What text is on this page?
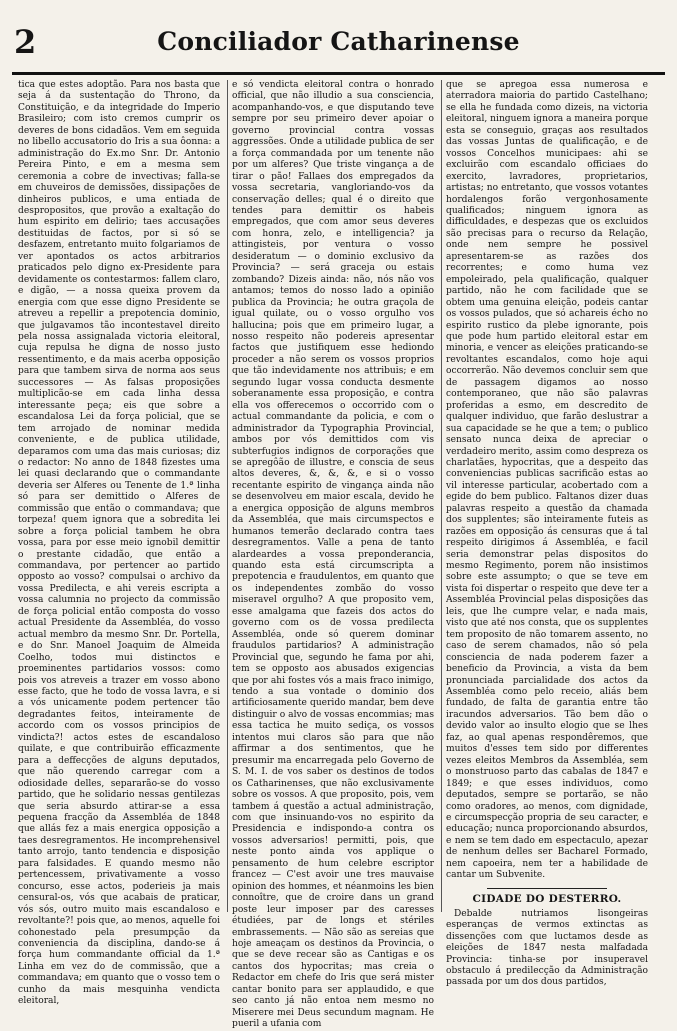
2	Conciliador Catharinense

tica que estes adoptão. Para nos basta que seja á da sustentação do Throno, da Constituição, e da integridade do Imperio Brasileiro; com isto cremos cumprir os deveres de bons cidadãos. Vem em seguida no libello accusatorio do Iris a sua ôonna: a administração do Ex.mo Snr. Dr. Antonio Pereira Pinto, e em a mesma sem ceremonia a cobre de invectivas; falla-se em chuveiros de demissões, dissipações de dinheiros publicos, e uma entiada de despropositos, que provão a exaltação do hum espirito em delirio; taes accusações destituidas de factos, por si só se desfazem, entretanto muito folgariamos de ver apontados os actos arbitrarios praticados pelo digno ex-Presidente para devidamente os contestarmos: fallem claro, e digão, — a nossa queixa provem da energia com que esse digno Presidente se atreveu a repellir a prepotencia dominio, que julgavamos tão incontestavel direito pela nossa assignalada victoria eleitoral, cuja repulsa he digna de nosso justo ressentimento, e da mais acerba opposição para que tambem sirva de norma aos seus successores — As falsas proposições multiplicão-se em cada linha dessa interessante peça; eis que sobre a escandalosa Lei da força policial, que se tem arrojado de nominar medida conveniente, e de publica utilidade, deparamos com uma das mais curiosas; diz o redactor: No anno de 1848 fizestes uma lei quasi declarando que o commandante deveria ser Alferes ou Tenente de 1.ª linha só para ser demittido o Alferes de commissão que então o commandava; que torpeza! quem ignora que a sobredita lei sobre a força policial tambem he obra vossa, para por esse meio ignobil demittir o prestante cidadão, que então a commandava, por pertencer ao partido opposto ao vosso? compulsai o archivo da vossa Predilecta, e ahi vereis escripta a vossa calumnia no projecto da commissão de força policial então composta do vosso actual Presidente da Assembléa, do vosso actual membro da mesmo Snr. Dr. Portella, e do Snr. Manoel Joaquim de Almeida Coelho, todos mui distinctos e proeminentes partidarios vossos: como pois vos atreveis a trazer em vosso abono esse facto, que he todo de vossa lavra, e si a vós unicamente podem pertencer tão degradantes feitos, inteiramente de accordo com os vossos principios de vindicta?! actos estes de escandaloso quilate, e que contribuirão efficazmente para a deffecções de alguns deputados, que não querendo carregar com a odiosidade delles, separarão-se do vosso partido, que he solidario nessas gentilezas que seria absurdo attirar-se a essa pequena fracção da Assembléa de 1848 que allás fez a mais energica opposição a taes desregramentos. He incomprehensivel tanto arrojo, tanto tendencia e disposição para falsidades. E quando mesmo não pertencessem, privativamente a vosso concurso, esse actos, poderieis ja mais censural-os, vós que acabais de praticar, vós sós, outro muito mais escandaloso e revoltante?! pois que, ao menos, aquelle foi cohonestado pela presumpção da conveniencia da disciplina, dando-se á força hum commandante official da 1.ª Linha em vez do de commissão, que a commandava; em quanto que o vosso tem o cunho da mais mesquinha vendicta eleitoral,

e só vendicta eleitoral contra o honrado official, que não illudio a sua consciencia, acompanhando-vos, e que disputando teve sempre por seu primeiro dever apoiar o governo provincial contra vossas aggressões. Onde a utilidade publica de ser a força commandada por um tenente não por um alferes? Que triste vingança a de tirar o pão! Fallaes dos empregados da vossa secretaria, vangloriando-vos da conservação delles; qual é o direito que tendes para demittir os habeis empregados, que com amor seus deveres com honra, zelo, e intelligencia? ja attingisteis, por ventura o vosso desideratum — o dominio exclusivo da Provincia? — será graceja ou estais zombando? Dizeis ainda: não, nós não vos antamos; temos do nosso lado a opinião publica da Provincia; he outra graçola de igual quilate, ou o vosso orgulho vos hallucina; pois que em primeiro lugar, a nosso respeito não podereis apresentar factos que justifiquem esse hediondo proceder a não serem os vossos proprios que tão indevidamente nos attribuis; e em segundo lugar vossa conducta desmente soberanamente essa proposição, e contra ella vos offerecemos o occorrido com o actual commandante da policia, e com o administrador da Typographia Provincial, ambos por vós demittidos com vis subterfugios indignos de corporações que se apregôão de illustre, e conscia de seus altos deveres, &, &, &, e si o vosso recentante espirito de vingança ainda não se desenvolveu em maior escala, devido he a energica opposição de alguns membros da Assembléa, que mais circumspectos e humanos temerão declarado contra taes desregramentos. Valle a pena de tanto alardeardes a vossa preponderancia, quando esta está circumscripta a prepotencia e fraudulentos, em quanto que os independentes zombão do vosso miseravel orgulho? A que proposito vem, esse amalgama que fazeis dos actos do governo com os de vossa predilecta Assembléa, onde só querem dominar fraudulos partidarios? A administração Provincial que, segundo he fama por ahi, tem se opposto aos abusados exigencias que por ahi fostes vós a mais fraco inimigo, tendo a sua vontade o dominio dos artificiosamente querido mandar, bem deve distinguir o alvo de vossas encommias; mas essa tactica he muito sediça, os vossos intentos mui claros são para que não affirmar a dos sentimentos, que he presumir ma encarregada pelo Governo de S. M. I. de vos saber os destinos de todos os Catharinenses, que não exclusivamente sobre os vossos. A que proposito, pois, vem tambem á questão a actual administração, com que insinuando-vos no espirito da Presidencia e indispondo-a contra os vossos adversarios! permitti, pois, que neste ponto ainda vos applique o pensamento de hum celebre escriptor francez — C'est avoir une tres mauvaise opinion des hommes, et néanmoins les bien connoître, que de croire dans un grand poste leur imposer par des caresses étudiées, par de longs et stériles embrassements. — Não são as sereias que hoje ameaçam os destinos da Provincia, o que se deve recear são as Cantigas e os cantos dos hypocritas; mas creia o Redactor em chefe do Iris que será mister cantar bonito para ser applaudido, e que seo canto já não entoa nem mesmo no Miserere mei Deus secundum magnam. He pueril a ufania com

que se apregoa essa numerosa e aterradora maioria do partido Castelhano; se ella he fundada como dizeis, na victoria eleitoral, ninguem ignora a maneira porque esta se conseguio, graças aos resultados das vossas Juntas de qualificação, e de vossos Concelhos municipaes: ahi se excluirão com escandalo officiaes do exercito, lavradores, proprietarios, artistas; no entretanto, que vossos votantes hordalengos forão vergonhosamente qualificados; ninguem ignora as difficuldades, e despezas que os excluidos são precisas para o recurso da Relação, onde nem sempre he possivel apresentarem-se as razões dos recorrentes; e como huma vez empoleirado, pela qualificação, qualquer partido, não he com facilidade que se obtem uma genuina eleição, podeis cantar os vossos pulados, que só achareis écho no espirito rustico da plebe ignorante, pois que pode hum partido eleitoral estar em minoria, e vencer as eleições praticando-se revoltantes escandalos, como hoje aqui occorrerão. Não devemos concluir sem que de passagem digamos ao nosso contemporaneo, que não são palavras proferidas a esmo, em descredito de qualquer individuo, que farão deslustrar a sua capacidade se he que a tem; o publico sensato nunca deixa de apreciar o verdadeiro merito, assim como despreza os charlatães, hypocritas, que a despeito das conveniencias publicas sacrificão estas ao vil interesse particular, acobertado com a egide do bem publico. Faltanos dizer duas palavras respeito a questão da chamada dos supplentes; são inteiramente futeis as razões em opposição ás censuras que á tal respeito dirigimos á Assembléa, e facil seria demonstrar pelas dispositos do mesmo Regimento, porem não insistimos sobre este assumpto; o que se teve em vista foi dispertar o respeito que deve ter a Assembléa Provincial pelas disposições das leis, que lhe cumpre velar, e nada mais, visto que até nos consta, que os supplentes tem proposito de não tomarem assento, no caso de serem chamados, não só pela consciencia de nada poderem fazer a beneficio da Provincia, a vista da bem pronunciada parcialidade dos actos da Assembléa como pelo receio, aliás bem fundado, de falta de garantia entre tão iracundos adversarios. Tão bem dão o devido valor ao insulto elogio que se lhes faz, ao qual apenas respondêremos, que muitos d'esses tem sido por differentes vezes eleitos Membros da Assembléa, sem o monstruoso parto das cabalas de 1847 e 1849; e que esses individuos, como deputados, sempre se portarão, se não como oradores, ao menos, com dignidade, e circumspecção propria de seu caracter, e educação; nunca proporcionando absurdos, e nem se tem dado em espectaculo, apezar de nenhum delles ser Bacharel Formado, nem capoeira, nem ter a habilidade de cantar um Subvenite.

CIDADE DO DESTERRO.

Debalde nutriamos lisongeiras esperanças de vermos extinctas as dissenções com que luctamos desde as eleições de 1847 nesta malfadada Provincia: tinha-se por insuperavel obstaculo á predilecção da Administração passada por um dos dous partidos,
